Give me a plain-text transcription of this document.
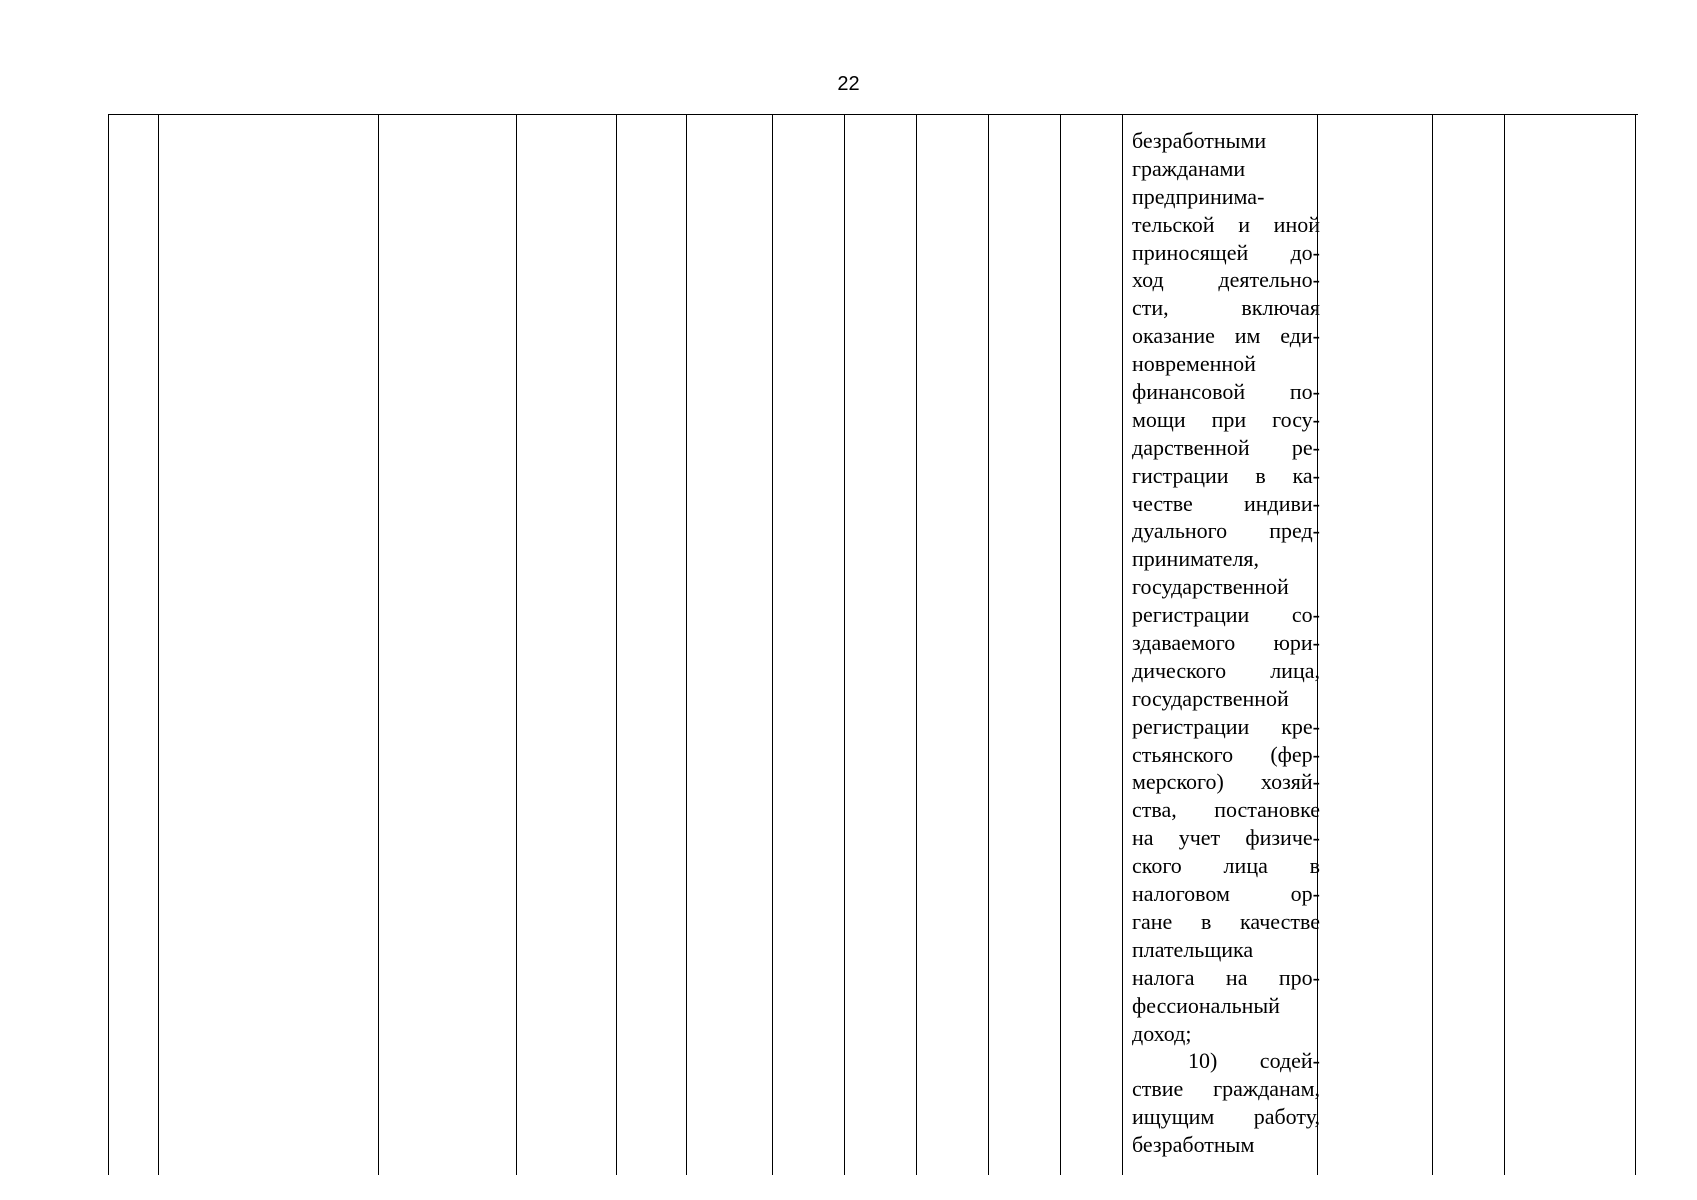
22
безработными
гражданами
предпринима-
тельской и иной
приносящей до-
ход деятельно-
сти, включая
оказание им еди-
новременной
финансовой по-
мощи при госу-
дарственной ре-
гистрации в ка-
честве индиви-
дуального пред-
принимателя,
государственной
регистрации со-
здаваемого юри-
дического лица,
государственной
регистрации кре-
стьянского (фер-
мерского) хозяй-
ства, постановке
на учет физиче-
ского лица в
налоговом ор-
гане в качестве
плательщика
налога на про-
фессиональный
доход;
10) содей-
ствие гражданам,
ищущим работу,
безработным
